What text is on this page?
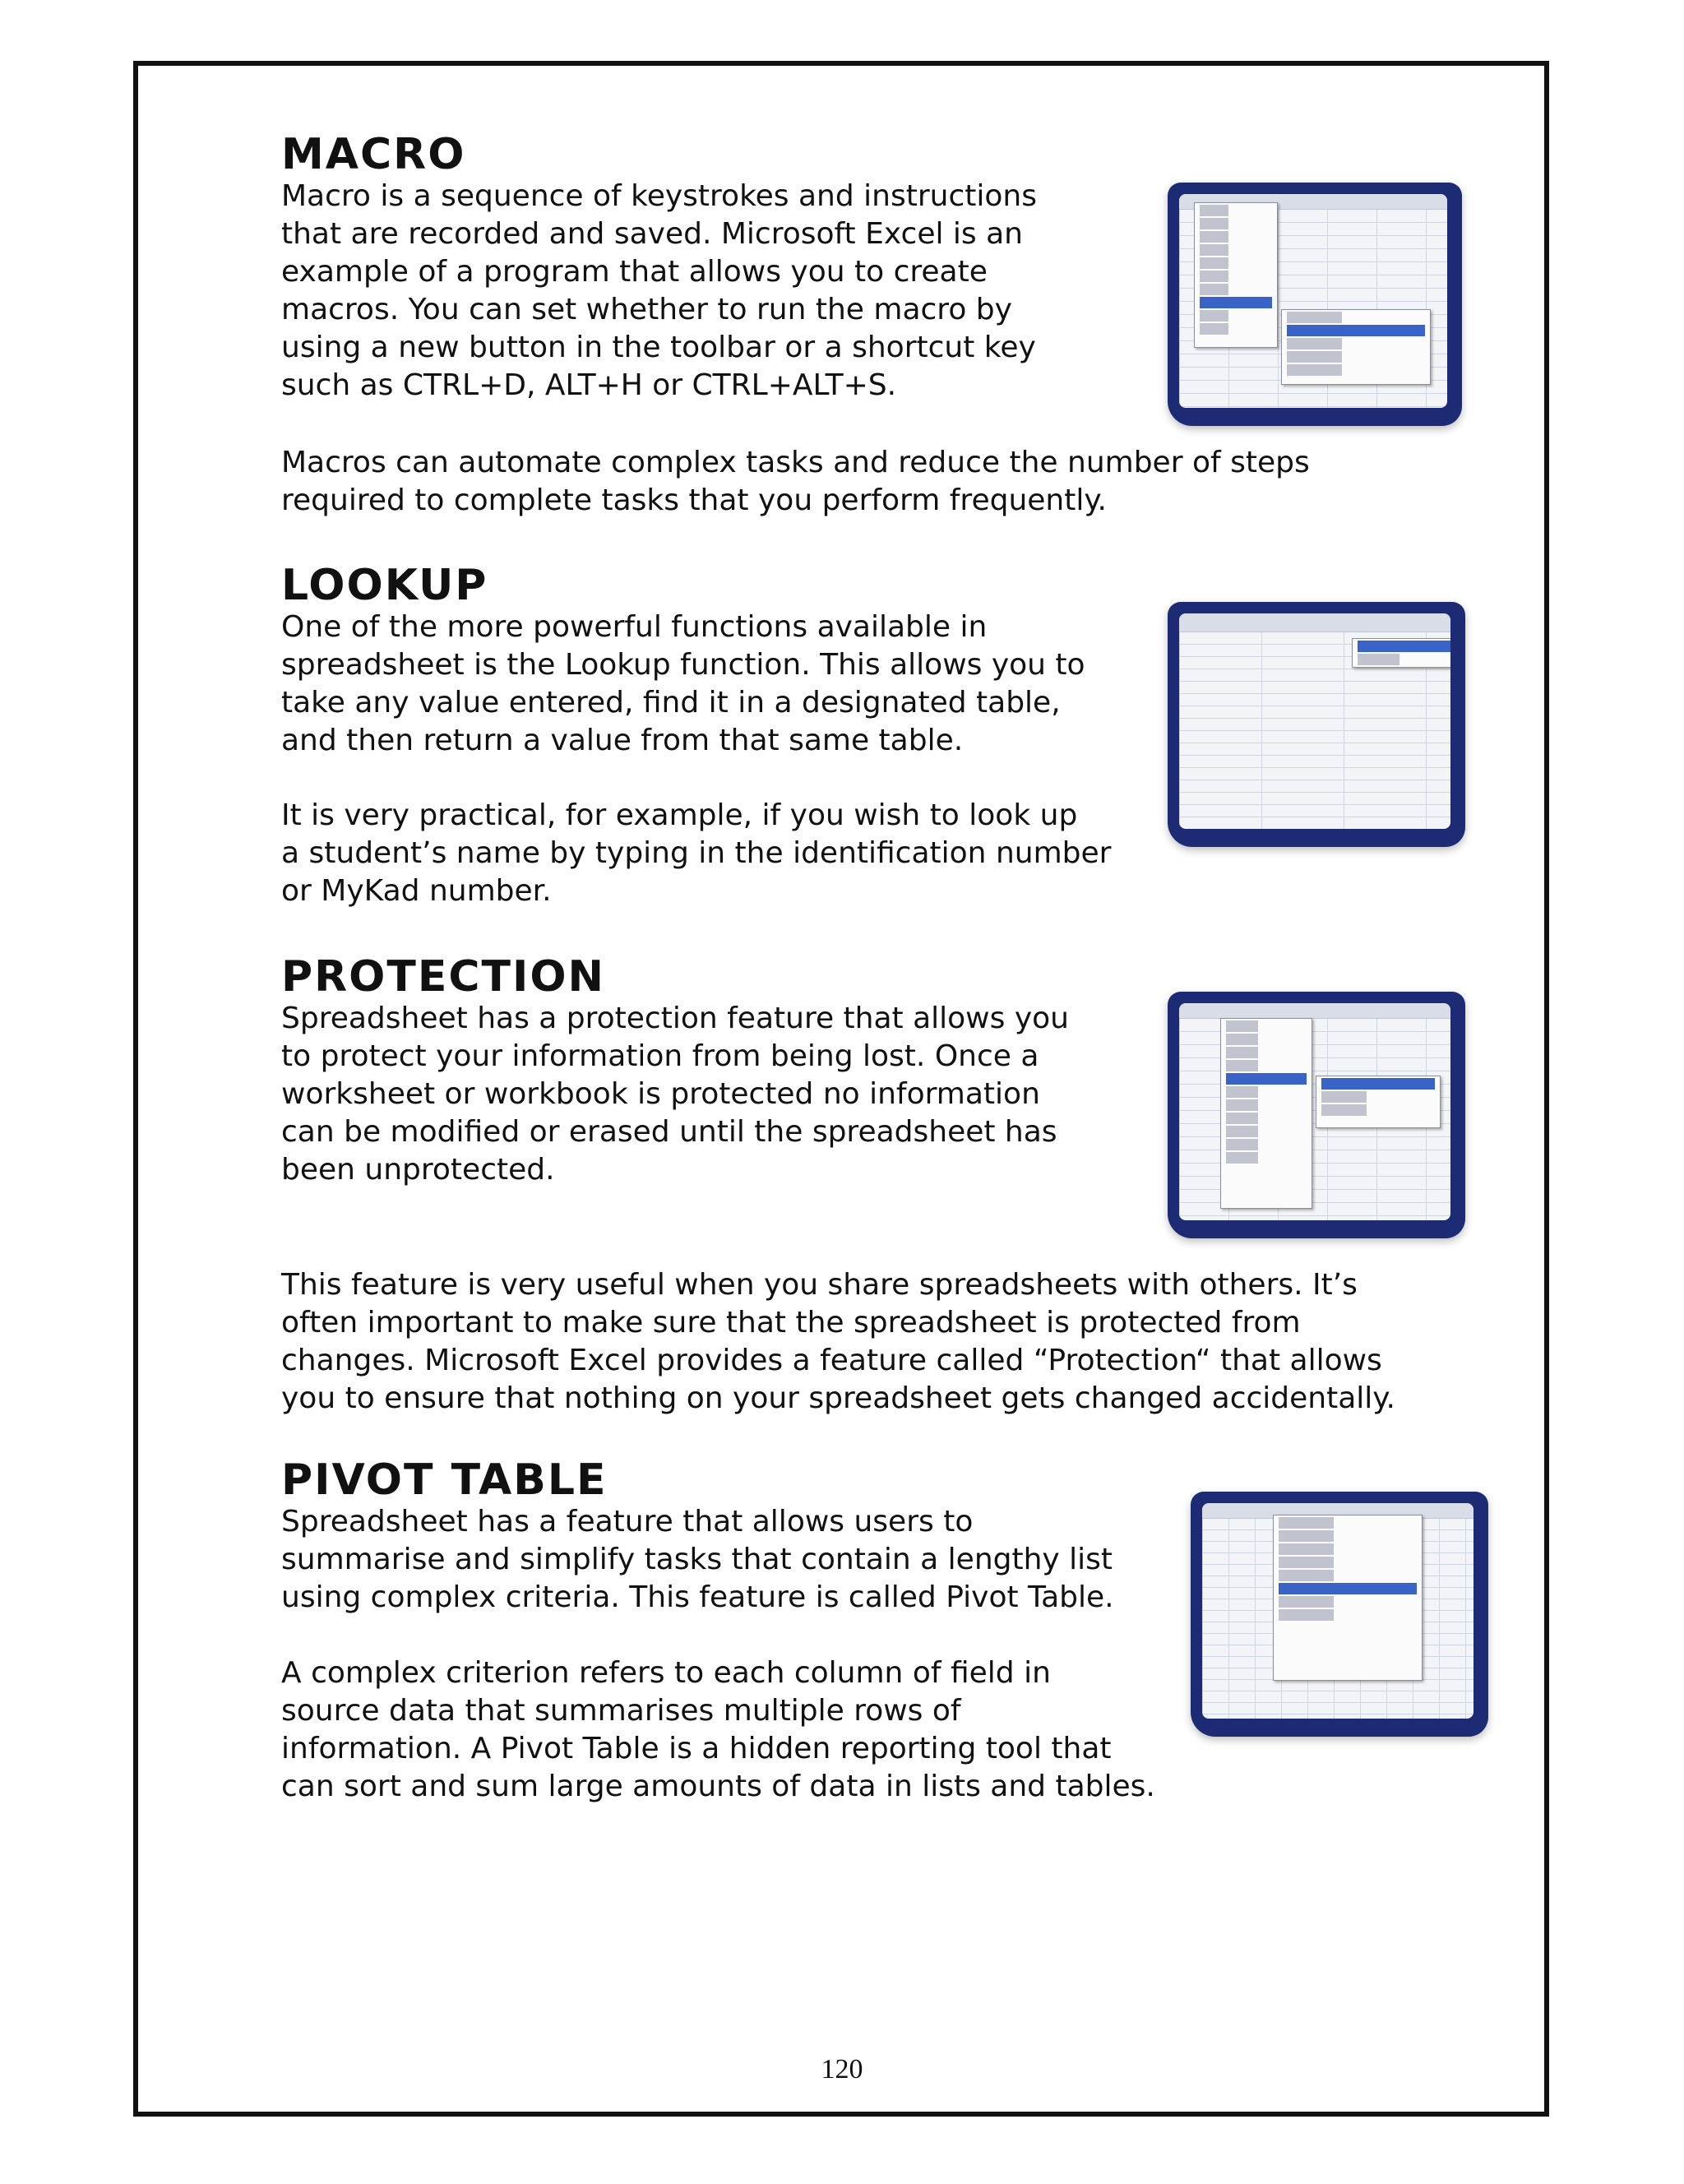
MACRO

Macro is a sequence of keystrokes and instructions
that are recorded and saved. Microsoft Excel is an
example of a program that allows you to create
macros. You can set whether to run the macro by
using a new button in the toolbar or a shortcut key
such as CTRL+D, ALT+H or CTRL+ALT+S.

Macros can automate complex tasks and reduce the number of steps
required to complete tasks that you perform frequently.

LOOKUP

One of the more powerful functions available in
spreadsheet is the Lookup function. This allows you to
take any value entered, find it in a designated table,
and then return a value from that same table.

It is very practical, for example, if you wish to look up
a student’s name by typing in the identification number
or MyKad number.

PROTECTION

Spreadsheet has a protection feature that allows you
to protect your information from being lost. Once a
worksheet or workbook is protected no information
can be modified or erased until the spreadsheet has
been unprotected.

This feature is very useful when you share spreadsheets with others. It’s
often important to make sure that the spreadsheet is protected from
changes. Microsoft Excel provides a feature called “Protection“ that allows
you to ensure that nothing on your spreadsheet gets changed accidentally.

PIVOT TABLE

Spreadsheet has a feature that allows users to
summarise and simplify tasks that contain a lengthy list
using complex criteria. This feature is called Pivot Table.

A complex criterion refers to each column of field in
source data that summarises multiple rows of
information. A Pivot Table is a hidden reporting tool that
can sort and sum large amounts of data in lists and tables.

120
